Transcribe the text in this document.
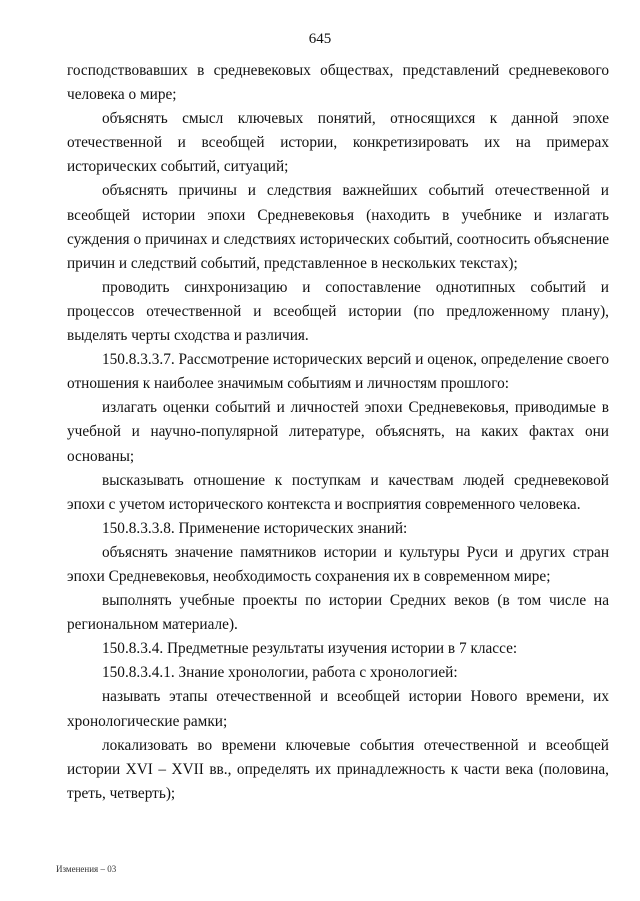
645

господствовавших в средневековых обществах, представлений средневекового человека о мире;

объяснять смысл ключевых понятий, относящихся к данной эпохе отечественной и всеобщей истории, конкретизировать их на примерах исторических событий, ситуаций;

объяснять причины и следствия важнейших событий отечественной и всеобщей истории эпохи Средневековья (находить в учебнике и излагать суждения о причинах и следствиях исторических событий, соотносить объяснение причин и следствий событий, представленное в нескольких текстах);

проводить синхронизацию и сопоставление однотипных событий и процессов отечественной и всеобщей истории (по предложенному плану), выделять черты сходства и различия.

150.8.3.3.7. Рассмотрение исторических версий и оценок, определение своего отношения к наиболее значимым событиям и личностям прошлого:

излагать оценки событий и личностей эпохи Средневековья, приводимые в учебной и научно-популярной литературе, объяснять, на каких фактах они основаны;

высказывать отношение к поступкам и качествам людей средневековой эпохи с учетом исторического контекста и восприятия современного человека.

150.8.3.3.8. Применение исторических знаний:

объяснять значение памятников истории и культуры Руси и других стран эпохи Средневековья, необходимость сохранения их в современном мире;

выполнять учебные проекты по истории Средних веков (в том числе на региональном материале).

150.8.3.4. Предметные результаты изучения истории в 7 классе:

150.8.3.4.1. Знание хронологии, работа с хронологией:

называть этапы отечественной и всеобщей истории Нового времени, их хронологические рамки;

локализовать во времени ключевые события отечественной и всеобщей истории XVI – XVII вв., определять их принадлежность к части века (половина, треть, четверть);

Изменения – 03
